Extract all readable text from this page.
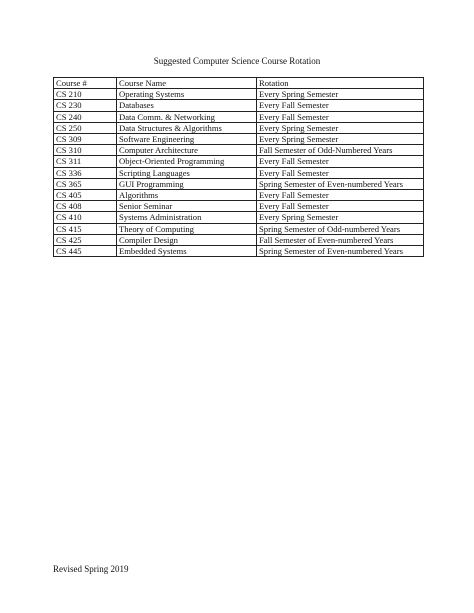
Suggested Computer Science Course Rotation
Course #	Course Name	Rotation
CS 210	Operating Systems	Every Spring Semester
CS 230	Databases	Every Fall Semester
CS 240	Data Comm. & Networking	Every Fall Semester
CS 250	Data Structures & Algorithms	Every Spring Semester
CS 309	Software Engineering	Every Spring Semester
CS 310	Computer Architecture	Fall Semester of Odd-Numbered Years
CS 311	Object-Oriented Programming	Every Fall Semester
CS 336	Scripting Languages	Every Fall Semester
CS 365	GUI Programming	Spring Semester of Even-numbered Years
CS 405	Algorithms	Every Fall Semester
CS 408	Senior Seminar	Every Fall Semester
CS 410	Systems Administration	Every Spring Semester
CS 415	Theory of Computing	Spring Semester of Odd-numbered Years
CS 425	Compiler Design	Fall Semester of Even-numbered Years
CS 445	Embedded Systems	Spring Semester of Even-numbered Years
Revised Spring 2019
